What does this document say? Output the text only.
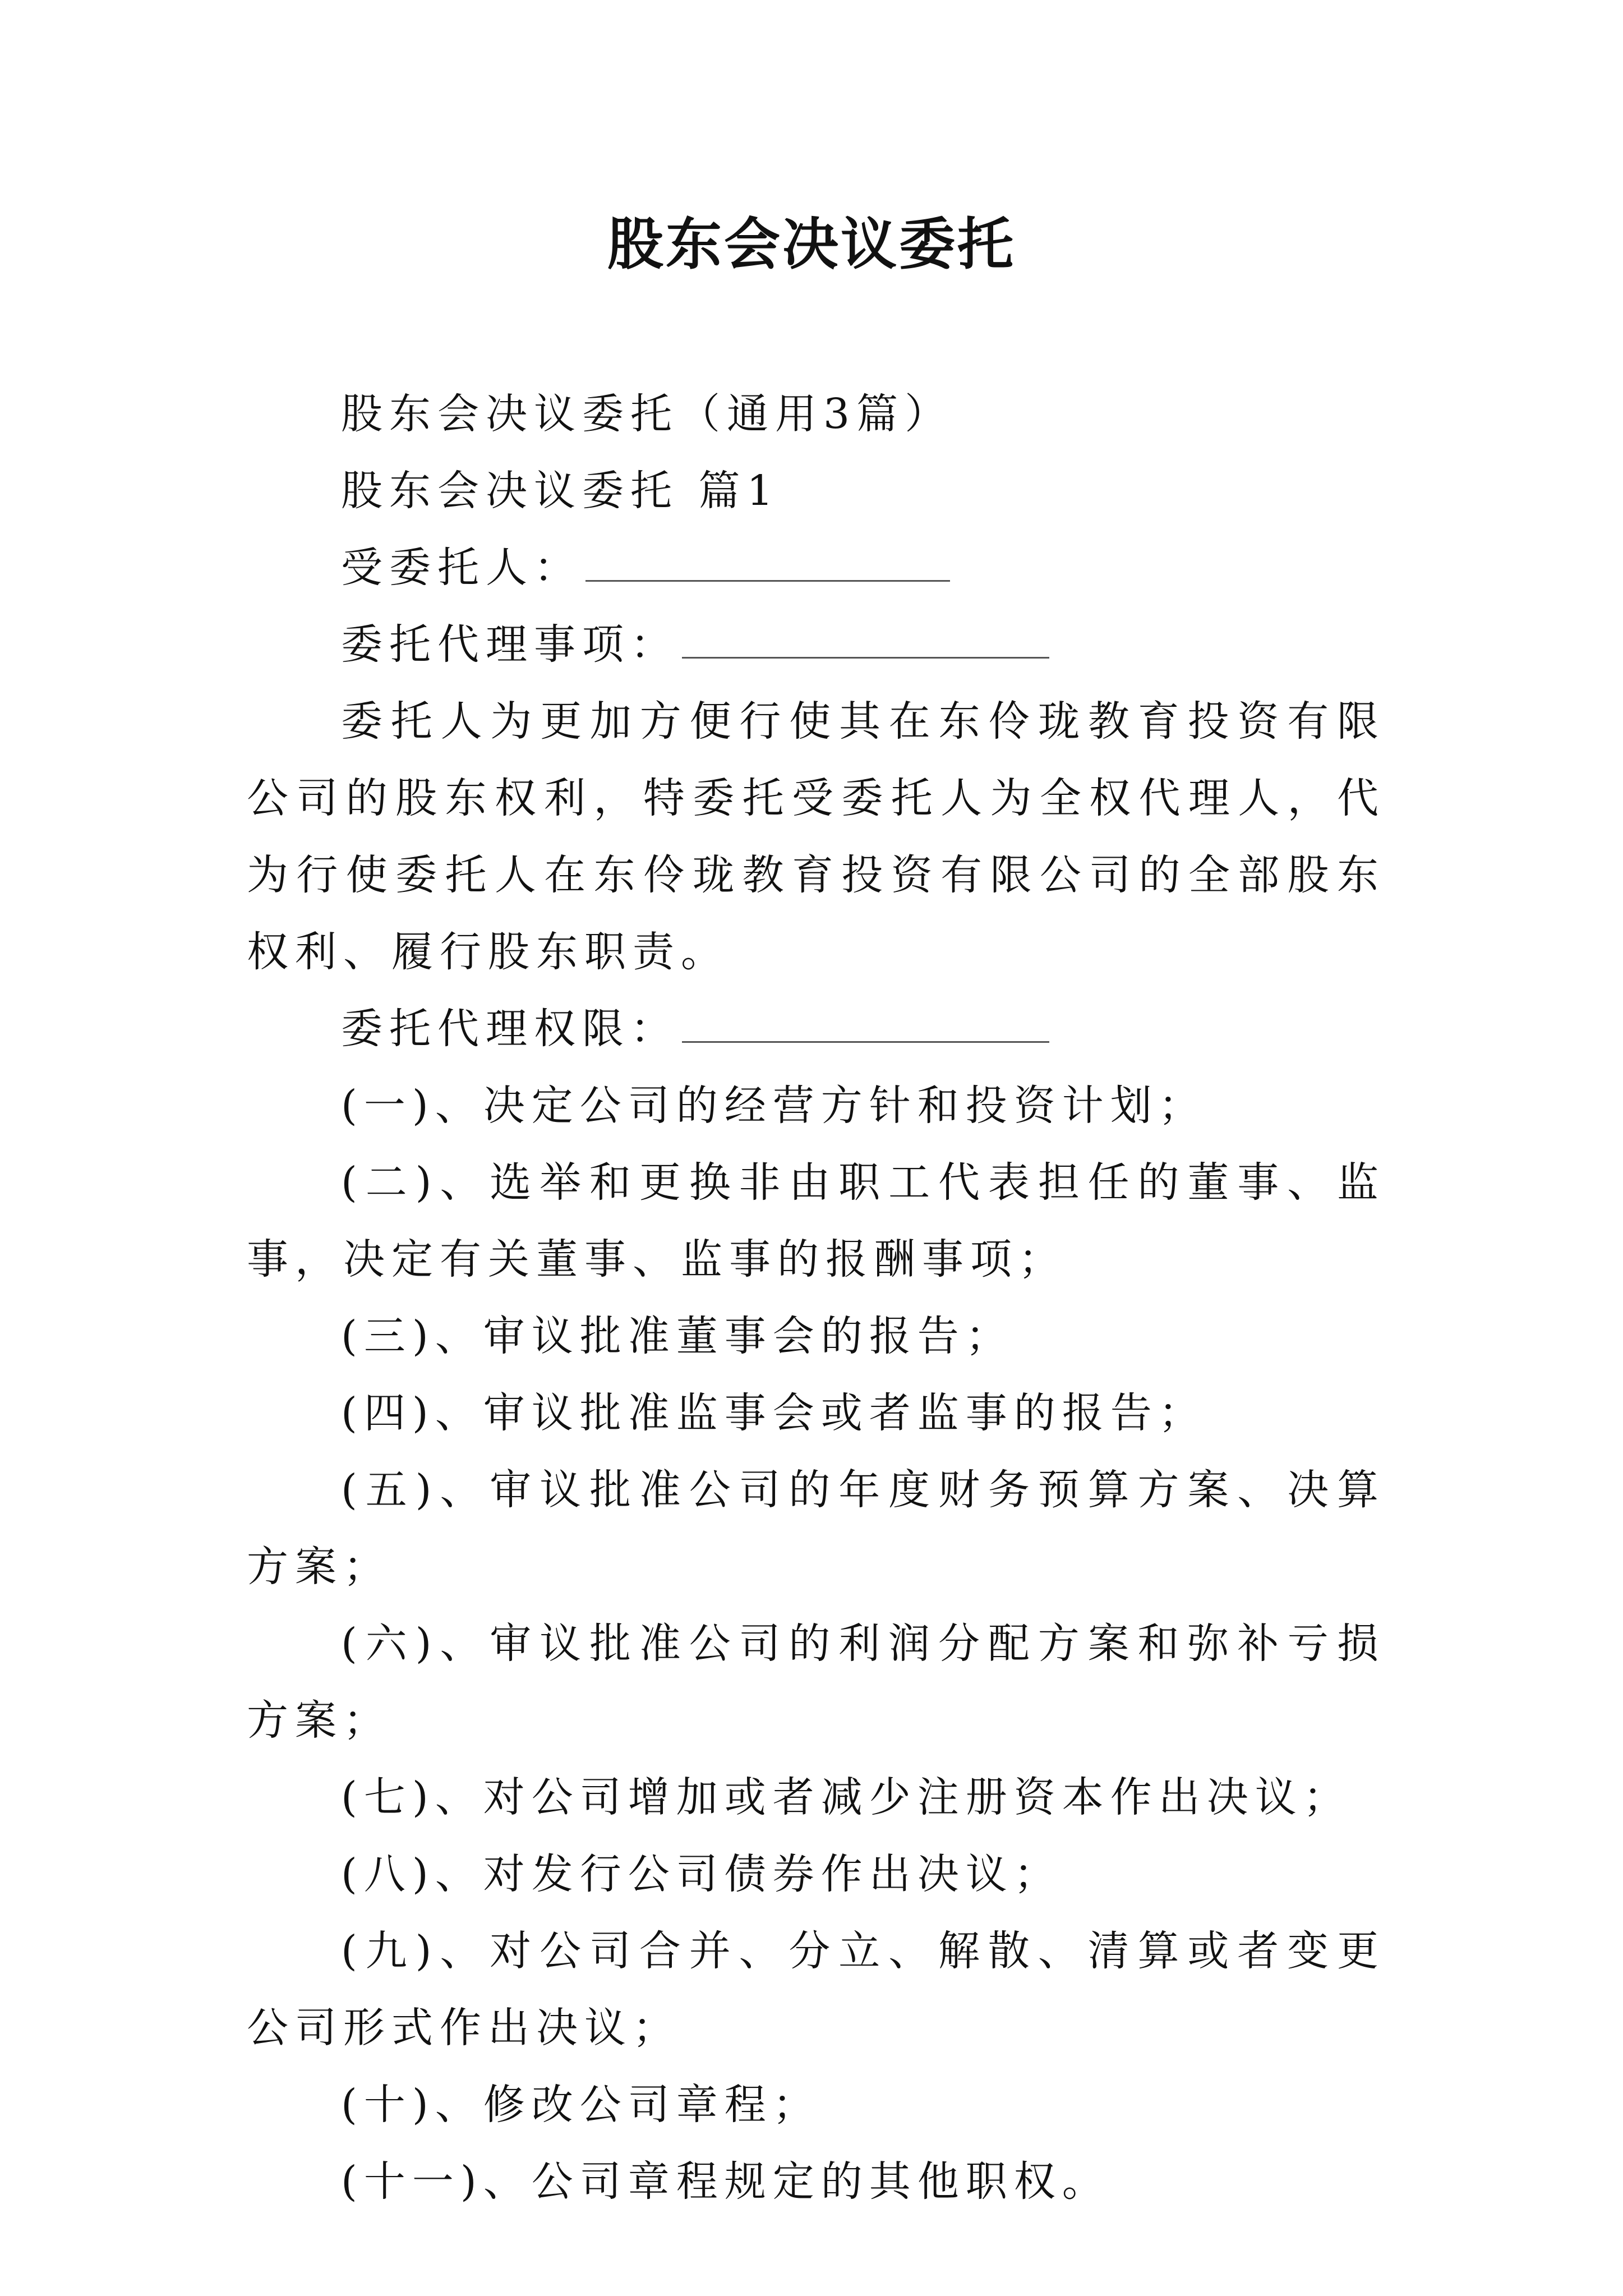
股东会决议委托

股东会决议委托（通用3篇）

股东会决议委托 篇1

受委托人：

委托代理事项：

委托人为更加方便行使其在东伶珑教育投资有限公司的股东权利，特委托受委托人为全权代理人，代为行使委托人在东伶珑教育投资有限公司的全部股东权利、履行股东职责。

委托代理权限：

(一)、决定公司的经营方针和投资计划；

(二)、选举和更换非由职工代表担任的董事、监事，决定有关董事、监事的报酬事项；

(三)、审议批准董事会的报告；

(四)、审议批准监事会或者监事的报告；

(五)、审议批准公司的年度财务预算方案、决算方案；

(六)、审议批准公司的利润分配方案和弥补亏损方案；

(七)、对公司增加或者减少注册资本作出决议；

(八)、对发行公司债券作出决议；

(九)、对公司合并、分立、解散、清算或者变更公司形式作出决议；

(十)、修改公司章程；

(十一)、公司章程规定的其他职权。
